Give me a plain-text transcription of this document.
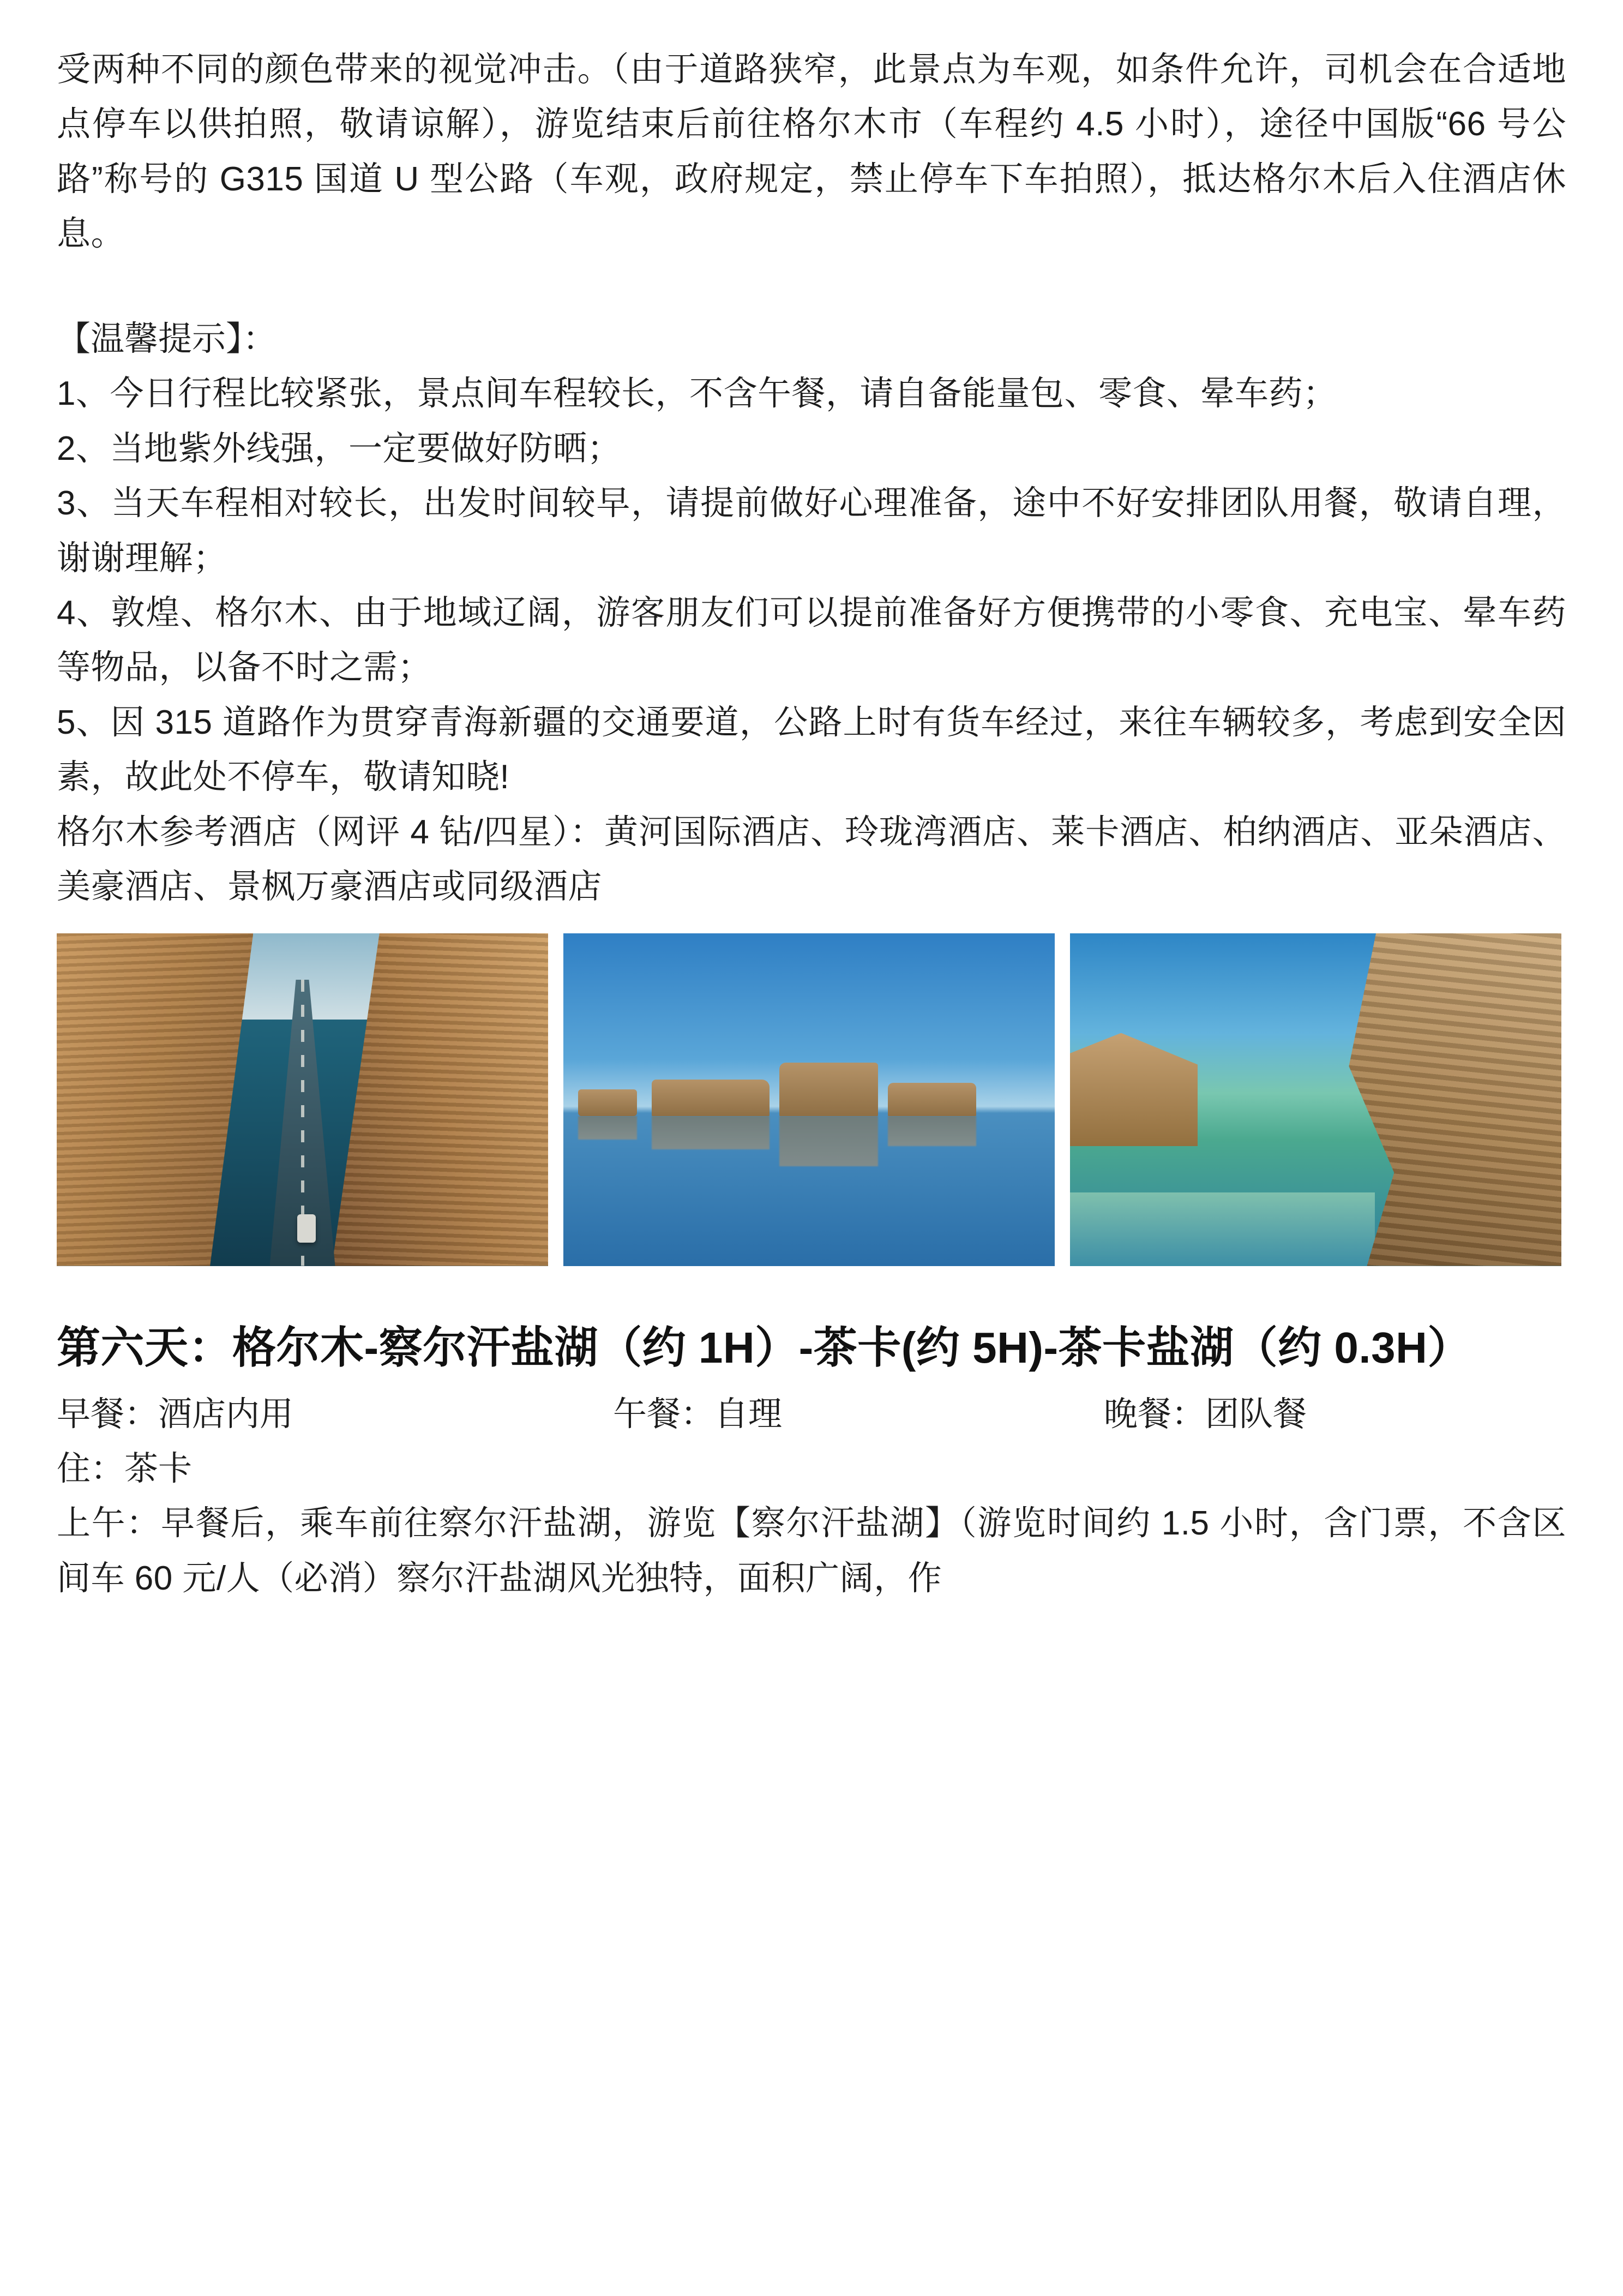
受两种不同的颜色带来的视觉冲击。（由于道路狭窄，此景点为车观，如条件允许，司机会在合适地点停车以供拍照，敬请谅解），游览结束后前往格尔木市（车程约 4.5 小时），途径中国版“66 号公路”称号的 G315 国道 U 型公路（车观，政府规定，禁止停车下车拍照），抵达格尔木后入住酒店休息。

【温馨提示】：

1、今日行程比较紧张，景点间车程较长，不含午餐，请自备能量包、零食、晕车药；
2、当地紫外线强，一定要做好防晒；
3、当天车程相对较长，出发时间较早，请提前做好心理准备，途中不好安排团队用餐，敬请自理，谢谢理解；
4、敦煌、格尔木、由于地域辽阔，游客朋友们可以提前准备好方便携带的小零食、充电宝、晕车药等物品，以备不时之需；
5、因 315 道路作为贯穿青海新疆的交通要道，公路上时有货车经过，来往车辆较多，考虑到安全因素，故此处不停车，敬请知晓!

格尔木参考酒店（网评 4 钻/四星）：黄河国际酒店、玲珑湾酒店、莱卡酒店、柏纳酒店、亚朵酒店、美豪酒店、景枫万豪酒店或同级酒店

第六天：格尔木-察尔汗盐湖（约 1H）-茶卡(约 5H)-茶卡盐湖（约 0.3H）
早餐：酒店内用	午餐：自理	晚餐：团队餐
住：茶卡

上午：早餐后，乘车前往察尔汗盐湖，游览【察尔汗盐湖】（游览时间约 1.5 小时，含门票，不含区间车 60 元/人（必消）察尔汗盐湖风光独特，面积广阔，作
